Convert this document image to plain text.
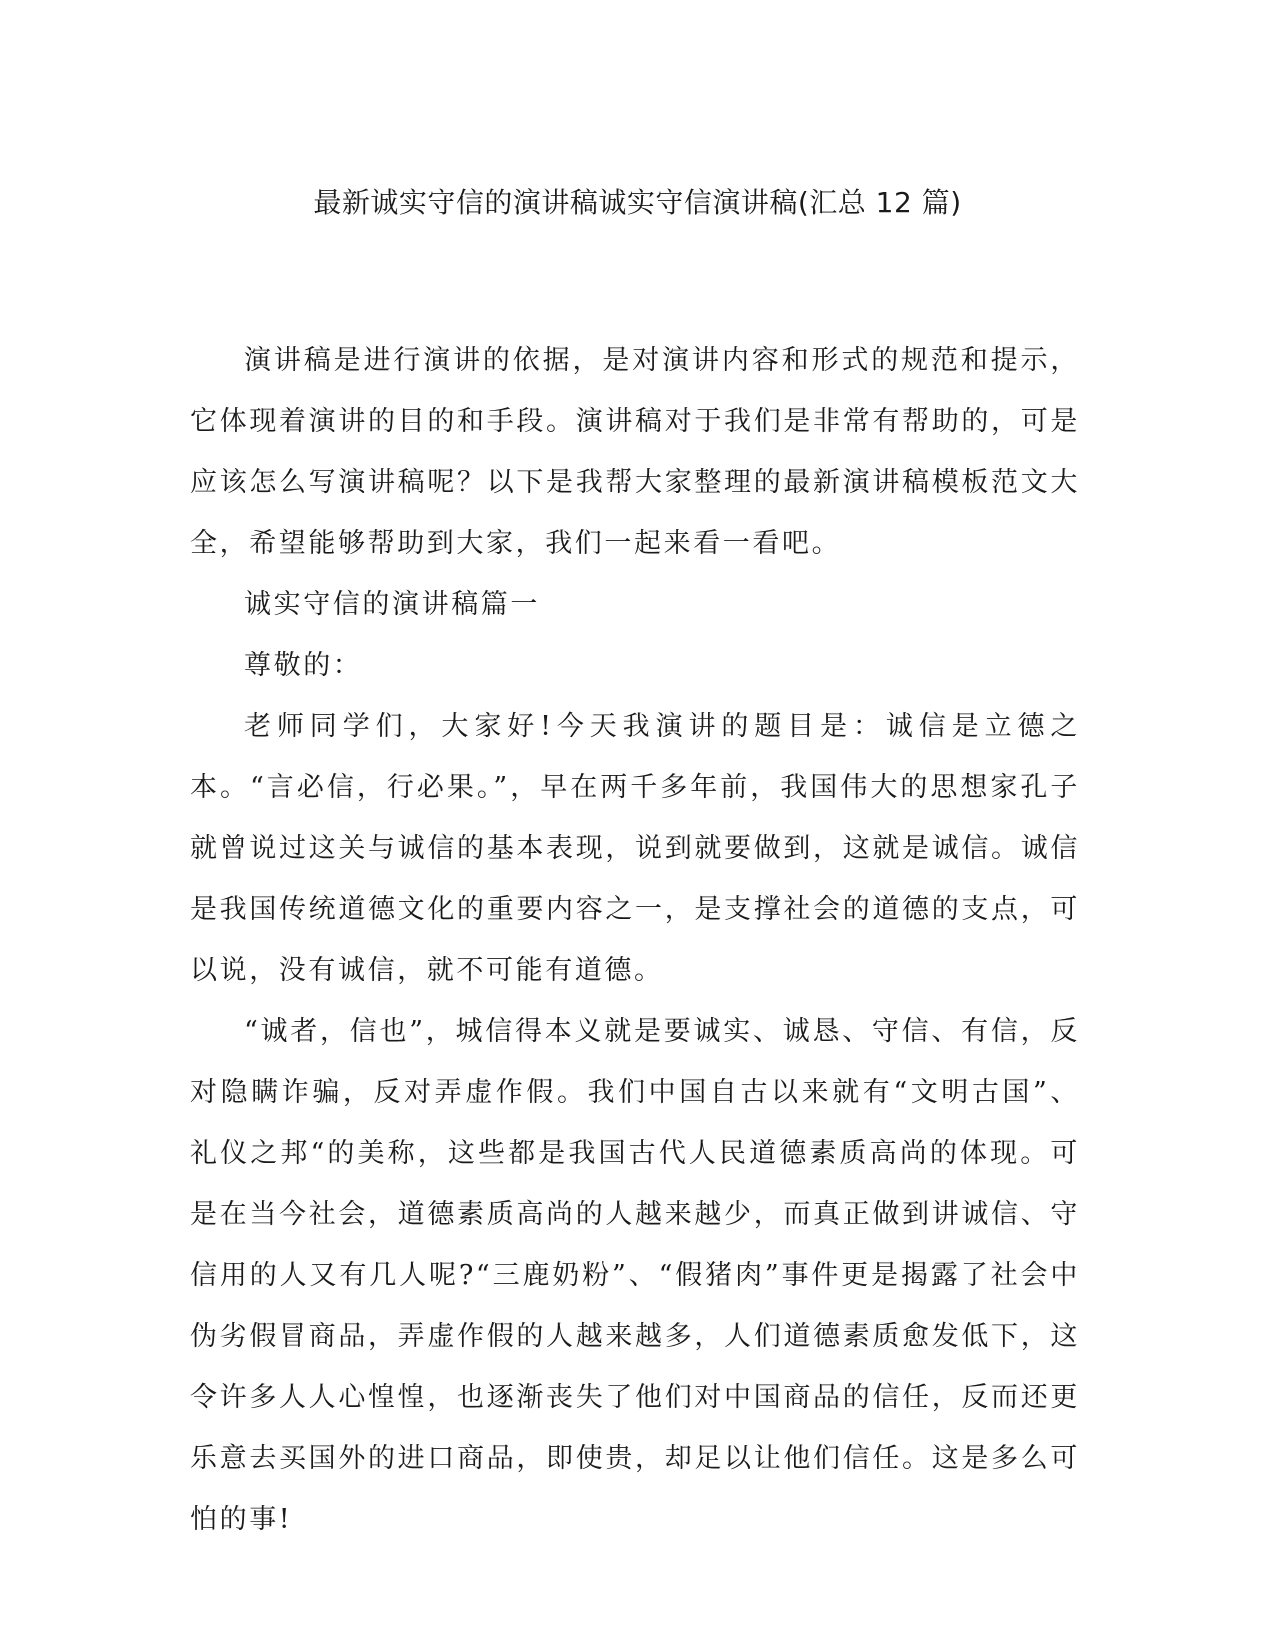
最新诚实守信的演讲稿诚实守信演讲稿(汇总 12 篇)

演讲稿是进行演讲的依据，是对演讲内容和形式的规范和提示，它体现着演讲的目的和手段。演讲稿对于我们是非常有帮助的，可是应该怎么写演讲稿呢？以下是我帮大家整理的最新演讲稿模板范文大全，希望能够帮助到大家，我们一起来看一看吧。

诚实守信的演讲稿篇一

尊敬的：

老师同学们，大家好!今天我演讲的题目是：诚信是立德之本。“言必信，行必果。”，早在两千多年前，我国伟大的思想家孔子就曾说过这关与诚信的基本表现，说到就要做到，这就是诚信。诚信是我国传统道德文化的重要内容之一，是支撑社会的道德的支点，可以说，没有诚信，就不可能有道德。

“诚者，信也”，城信得本义就是要诚实、诚恳、守信、有信，反对隐瞒诈骗，反对弄虚作假。我们中国自古以来就有“文明古国”、礼仪之邦“的美称，这些都是我国古代人民道德素质高尚的体现。可是在当今社会，道德素质高尚的人越来越少，而真正做到讲诚信、守信用的人又有几人呢?“三鹿奶粉”、“假猪肉”事件更是揭露了社会中伪劣假冒商品，弄虚作假的人越来越多，人们道德素质愈发低下，这令许多人人心惶惶，也逐渐丧失了他们对中国商品的信任，反而还更乐意去买国外的进口商品，即使贵，却足以让他们信任。这是多么可怕的事!
